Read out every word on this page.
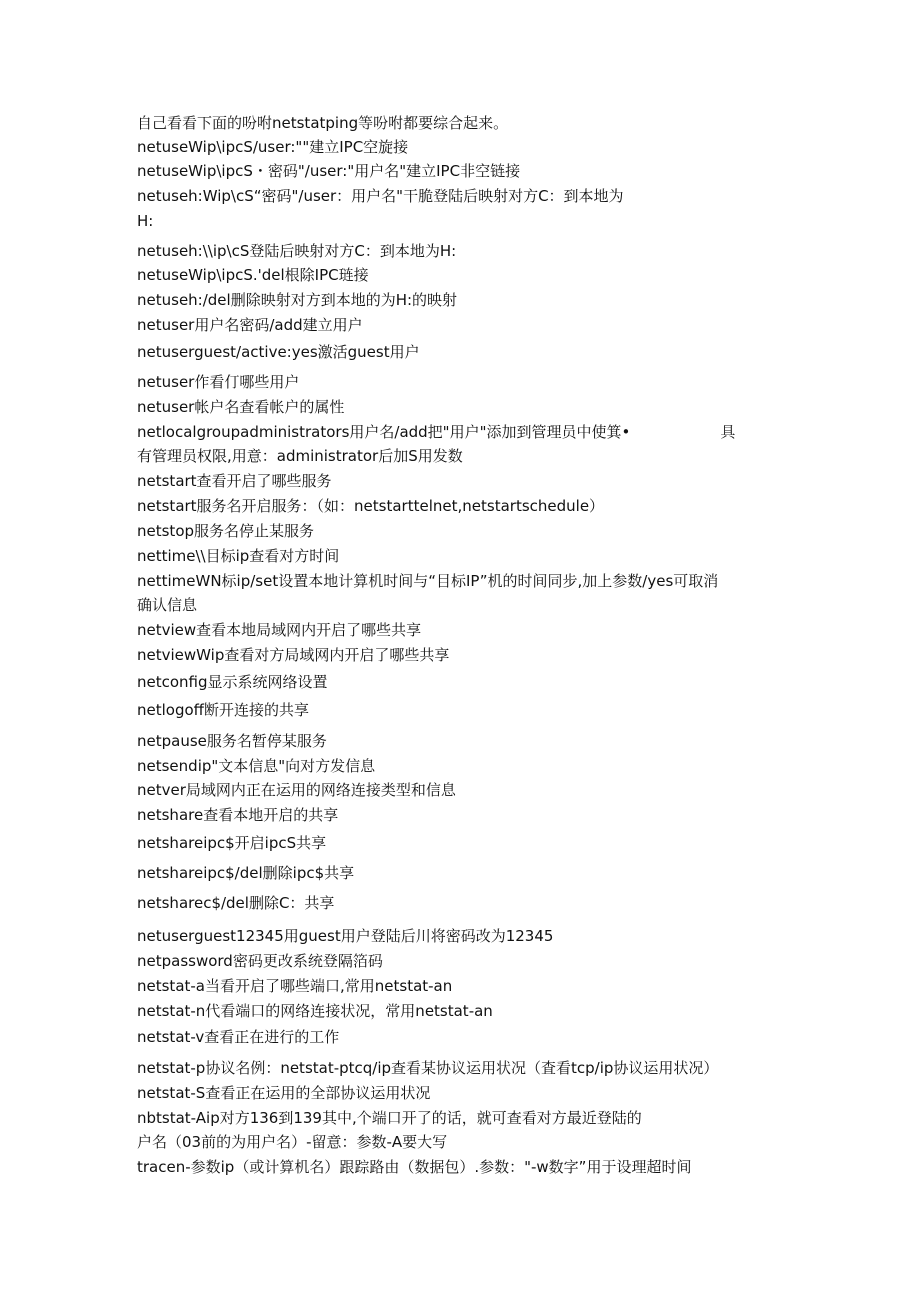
自己看看下面的吩咐netstatping等吩咐都要综合起来。
netuseWip\ipcS/user:""建立IPC空旋接
netuseWip\ipcS・密码"/user:"用户名"建立IPC非空链接
netuseh:Wip\cS“密码"/user：用户名"干脆登陆后映射对方C：到本地为
H:
netuseh:\\ip\cS登陆后映射对方C：到本地为H:
netuseWip\ipcS.'del根除IPC琏接
netuseh:/del删除映射对方到本地的为H:的映射
netuser用户名密码/add建立用户
netuserguest/active:yes激活guest用户
netuser作看仃哪些用户
netuser帐户名查看帐户的属性
netlocalgroupadministrators用户名/add把"用户"添加到管理员中使箕•	具
有管理员权限,用意：administrator后加S用发数
netstart查看开启了哪些服务
netstart服务名开启服务：（如：netstarttelnet,netstartschedule）
netstop服务名停止某服务
nettime\\目标ip查看对方时间
nettimeWN标ip/set设置本地计算机时间与“目标IP”机的时间同步,加上参数/yes可取消
确认信息
netview查看本地局域网内开启了哪些共享
netviewWip查看对方局域网内开启了哪些共享
netconfig显示系统网络设置
netlogoff断开连接的共享
netpause服务名暂停某服务
netsendip"文本信息"向对方发信息
netver局域网内正在运用的网络连接类型和信息
netshare查看本地开启的共享
netshareipc$开启ipcS共享
netshareipc$/del删除ipc$共享
netsharec$/del删除C：共享
netuserguest12345用guest用户登陆后川将密码改为12345
netpassword密码更改系统登隔箔码
netstat-a当看开启了哪些端口,常用netstat-an
netstat-n代看端口的网络连接状况，常用netstat-an
netstat-v查看正在进行的工作
netstat-p协议名例：netstat-ptcq/ip查看某协议运用状况（査看tcp/ip协议运用状况）
netstat-S查看正在运用的全部协议运用状况
nbtstat-Aip对方136到139其中,个端口开了的话，就可查看对方最近登陆的
户名（03前的为用户名）-留意：参数-A要大写
tracen-参数ip（或计算机名）跟踪路由（数据包）.参数："-w数字”用于设理超时间
